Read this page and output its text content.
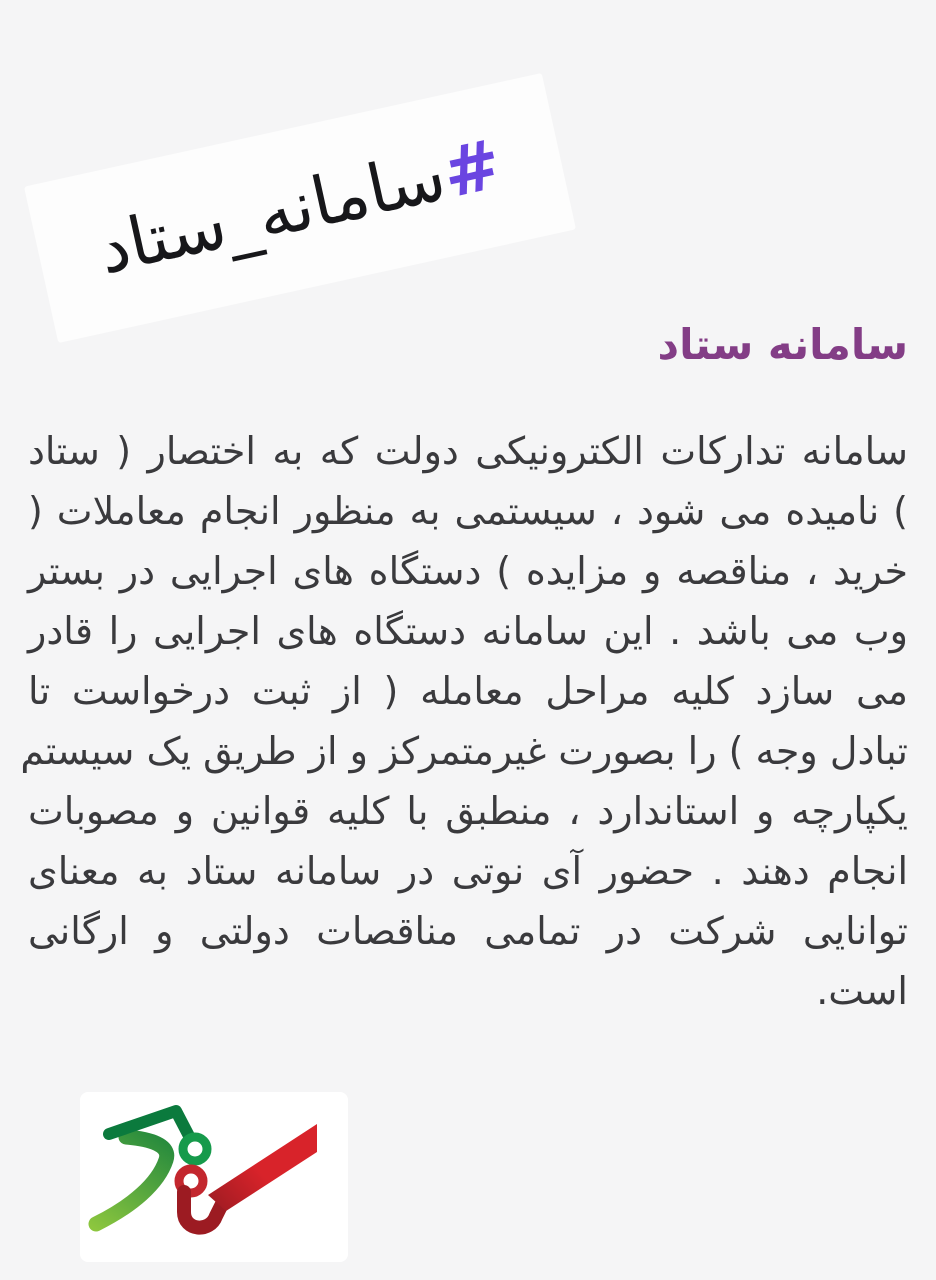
#سامانه_ستاد
سامانه ستاد
سامانه تدارکات الکترونیکی دولت که به اختصار ( ستاد
) نامیده می شود ، سیستمی به منظور انجام معاملات (
خرید ، مناقصه و مزایده ) دستگاه های اجرایی در بستر
وب می باشد . این سامانه دستگاه های اجرایی را قادر
می سازد کلیه مراحل معامله ( از ثبت درخواست تا
تبادل وجه ) را بصورت غیرمتمرکز و از طریق یک سیستم
یکپارچه و استاندارد ، منطبق با کلیه قوانین و مصوبات
انجام دهند . حضور آی نوتی در سامانه ستاد به معنای
توانایی شرکت در تمامی مناقصات دولتی و ارگانی
است.
